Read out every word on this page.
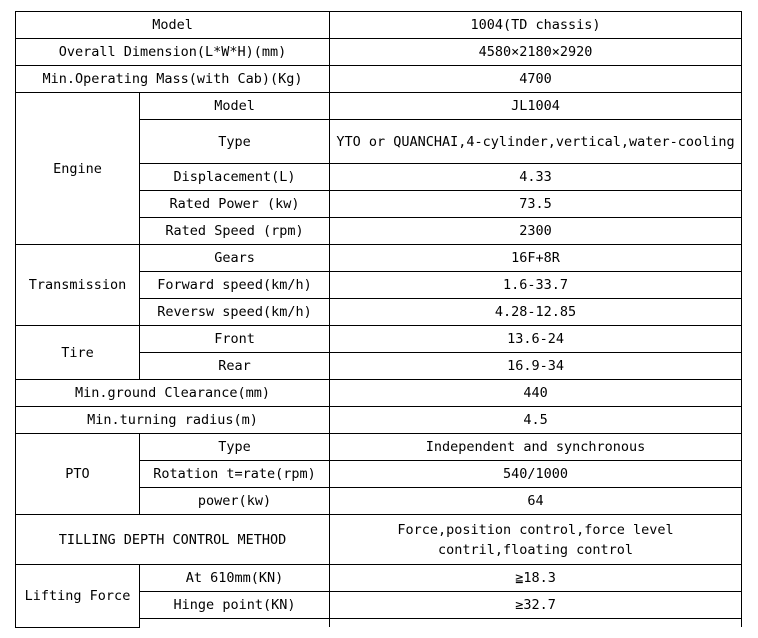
Model		1004(TD chassis)
Overall Dimension(L*W*H)(mm)		4580×2180×2920
Min.Operating Mass(with Cab)(Kg)		4700
Engine	Model	JL1004
	Type	YTO or QUANCHAI,4-cylinder,vertical,water-cooling
	Displacement(L)	4.33
	Rated Power (kw)	73.5
	Rated Speed (rpm)	2300
Transmission	Gears	16F+8R
	Forward speed(km/h)	1.6-33.7
	Reversw speed(km/h)	4.28-12.85
Tire	Front	13.6-24
	Rear	16.9-34
Min.ground Clearance(mm)		440
Min.turning radius(m)		4.5
PTO	Type	Independent and synchronous
	Rotation t=rate(rpm)	540/1000
	power(kw)	64
TILLING DEPTH CONTROL METHOD		Force,position control,force level contril,floating control
Lifting Force	At 610mm(KN)	≧18.3
	Hinge point(KN)	≥32.7
